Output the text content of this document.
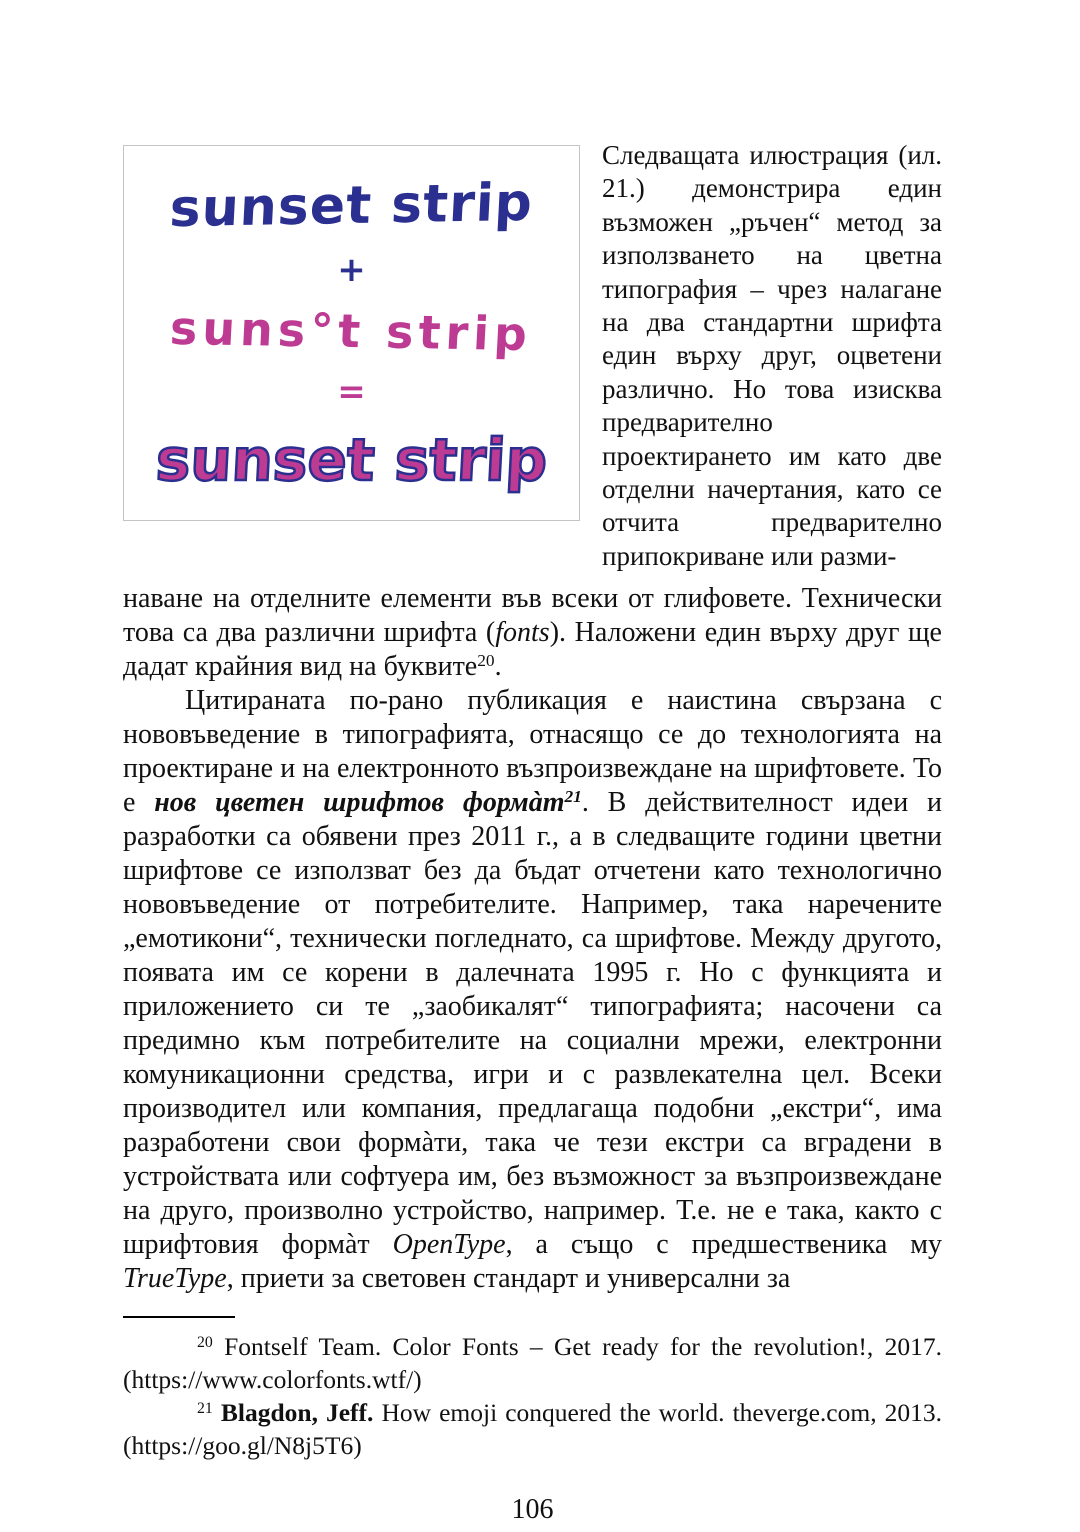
sunset strip
+
suns°t strip
=
sunset strip
Следващата илюстрация (ил. 21.) демонстрира един възможен „ръчен“ метод за използването на цветна типография – чрез налагане на два стандартни шрифта един върху друг, оцветени различно. Но това изисква предварително проектирането им като две отделни начертания, като се отчита предварително припокриване или разми-

наване на отделните елементи във всеки от глифовете. Технически това са два различни шрифта (fonts). Наложени един върху друг ще дадат крайния вид на буквите$^{20}$.

Цитираната по-рано публикация е наистина свързана с нововъведение в типографията, отнасящо се до технологията на проектиране и на електронното възпроизвеждане на шрифтовете. То е нов цветен шрифтов формàт$^{21}$. В действителност идеи и разработки са обявени през 2011 г., а в следващите години цветни шрифтове се използват без да бъдат отчетени като технологично нововъведение от потребителите. Например, така наречените „емотикони“, технически погледнато, са шрифтове. Между другото, появата им се корени в далечната 1995 г. Но с функцията и приложението си те „заобикалят“ типографията; насочени са предимно към потребителите на социални мрежи, електронни комуникационни средства, игри и с развлекателна цел. Всеки производител или компания, предлагаща подобни „екстри“, има разработени свои формàти, така че тези екстри са вградени в устройствата или софтуера им, без възможност за възпроизвеждане на друго, произволно устройство, например. Т.е. не е така, както с шрифтовия формàт OpenType, а също с предшественика му TrueType, приети за световен стандарт и универсални за

$^{20}$ Fontself Team. Color Fonts – Get ready for the revolution!, 2017. (https://www.colorfonts.wtf/)

$^{21}$ Blagdon, Jeff. How emoji conquered the world. theverge.com, 2013. (https://goo.gl/N8j5T6)

106
